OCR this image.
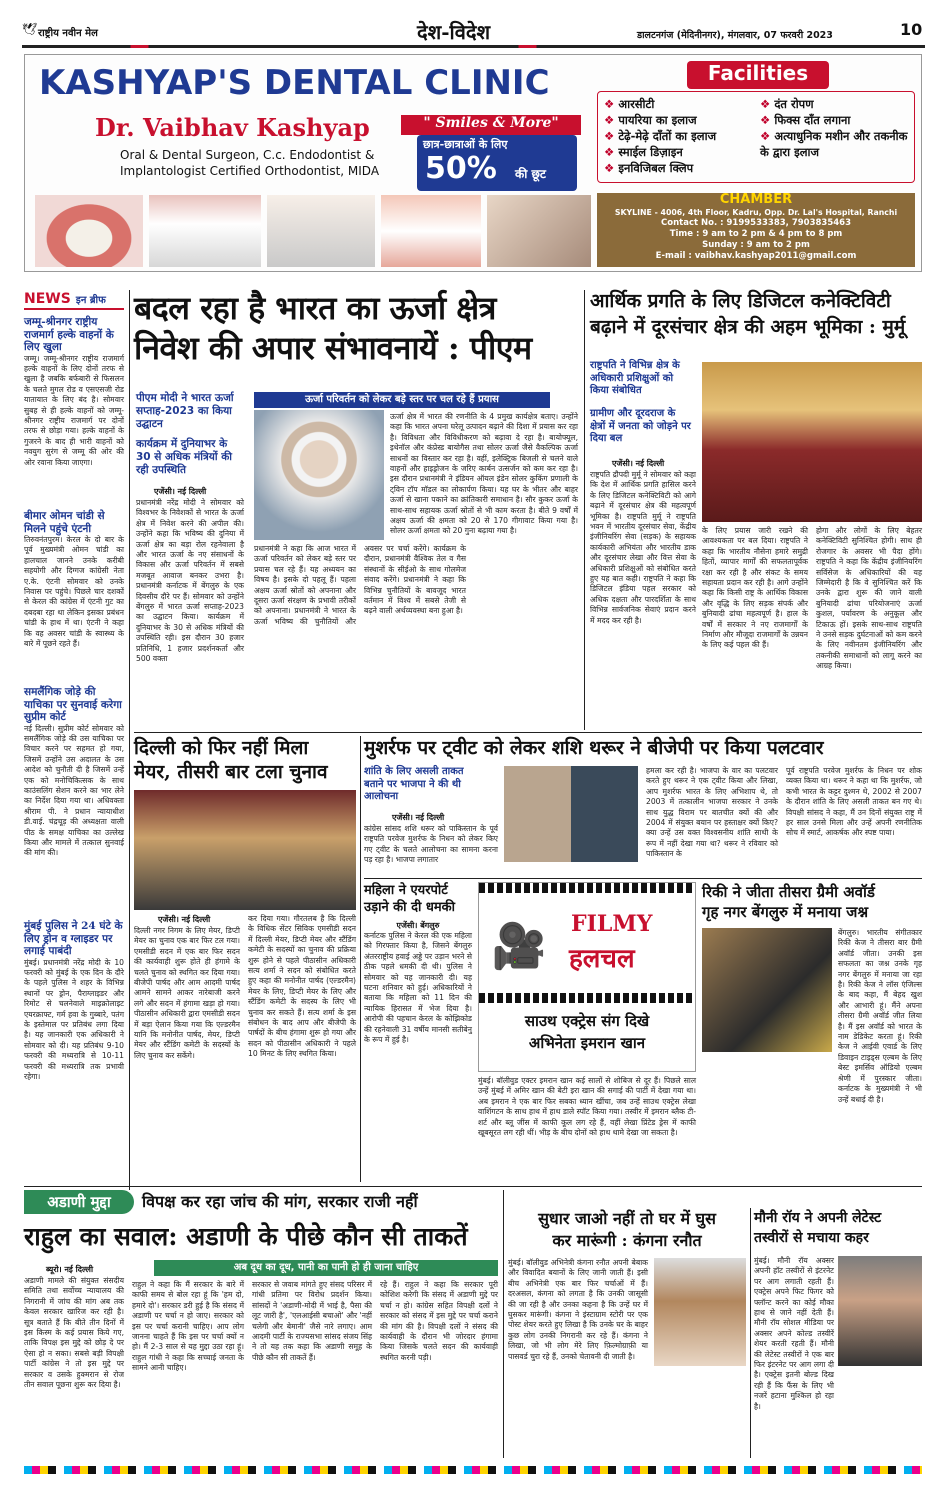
🕊 राष्ट्रीय नवीन मेल	देश-विदेश	डालटनगंज (मेदिनीनगर), मंगलवार, 07 फरवरी 2023	10
KASHYAP'S DENTAL CLINIC
Dr. Vaibhav Kashyap	" Smiles & More"
Oral & Dental Surgeon, C.c. Endodontist &
Implantologist Certified Orthodontist, MIDA
छात्र-छात्राओं के लिए
50% की छूट
Facilities
❖ आरसीटी
❖ पायरिया का इलाज
❖ टेढ़े-मेढ़े दाँतों का इलाज
❖ स्माईल डिज़ाइन
❖ इनविजिबल क्लिप
❖ दंत रोपण
❖ फिक्स दाँत लगाना
❖ अत्याधुनिक मशीन और तकनीक के द्वारा इलाज
CHAMBER
SKYLINE - 4006, 4th Floor, Kadru, Opp. Dr. Lal's Hospital, Ranchi
Contact No. : 9199533383, 7903835463
Time : 9 am to 2 pm & 4 pm to 8 pm
Sunday : 9 am to 2 pm
E-mail : vaibhav.kashyap2011@gmail.com
NEWS इन ब्रीफ
जम्मू-श्रीनगर राष्ट्रीय राजमार्ग हल्के वाहनों के लिए खुला
जम्मू। जम्मू-श्रीनगर राष्ट्रीय राजमार्ग हल्के वाहनों के लिए दोनों तरफ से खुला है जबकि बर्फबारी से फिसलन के चलते मुगल रोड व एसएसजी रोड यातायात के लिए बंद है। सोमवार सुबह से ही हल्के वाहनों को जम्मू-श्रीनगर राष्ट्रीय राजमार्ग पर दोनों तरफ से छोड़ा गया। हल्के वाहनों के गुजरने के बाद ही भारी वाहनों को नवयुग सुरंग से जम्मू की ओर की ओर रवाना किया जाएगा।
बीमार ओमन चांडी से मिलने पहुंचे एंटनी
तिरुवनंतपुरम। केरल के दो बार के पूर्व मुख्यमंत्री ओमन चांडी का हालचाल जानने उनके करीबी सहयोगी और दिग्गज कांग्रेसी नेता ए.के. एंटनी सोमवार को उनके निवास पर पहुंचे। पिछले चार दशकों से केरल की कांग्रेस में एंटनी गुट का दबदबा रहा था लेकिन इसका प्रबंधन चांडी के हाथ में था। एंटनी ने कहा कि वह अवसर चांडी के स्वास्थ्य के बारे में पूछने रहते हैं।
समलैंगिक जोड़े की याचिका पर सुनवाई करेगा सुप्रीम कोर्ट
नई दिल्ली। सुप्रीम कोर्ट सोमवार को समलैंगिक जोड़े की उस याचिका पर विचार करने पर सहमत हो गया, जिसमें उन्होंने उस अदालत के उस आदेश को चुनौती दी है जिसमें उन्हें एक को मनोचिकित्सक के साथ काउंसलिंग सेशन करने का भार लेने का निर्देश दिया गया था। अधिवक्ता श्रीराम पी. ने प्रधान न्यायाधीश डी.वाई. चंद्रचूड़ की अध्यक्षता वाली पीठ के समक्ष याचिका का उल्लेख किया और मामले में तत्काल सुनवाई की मांग की।
मुंबई पुलिस ने 24 घंटे के लिए ड्रोन व ग्लाइडर पर लगाई पाबंदी
मुंबई। प्रधानमंत्री नरेंद्र मोदी के 10 फरवरी को मुंबई के एक दिन के दौरे के पहले पुलिस ने शहर के विभिन्न स्थानों पर ड्रोन, पैराग्लाइडर और रिमोट से चलनेवाले माइक्रोलाइट एयरक्राफ्ट, गर्म हवा के गुब्बारे, पतंग के इस्तेमाल पर प्रतिबंध लगा दिया है। यह जानकारी एक अधिकारी ने सोमवार को दी। यह प्रतिबंध 9-10 फरवरी की मध्यरात्रि से 10-11 फरवरी की मध्यरात्रि तक प्रभावी रहेगा।
बदल रहा है भारत का ऊर्जा क्षेत्र
निवेश की अपार संभावनायें : पीएम
पीएम मोदी ने भारत ऊर्जा सप्ताह-2023 का किया उद्घाटन
कार्यक्रम में दुनियाभर के 30 से अधिक मंत्रियों की रही उपस्थिति
एजेंसी। नई दिल्ली
प्रधानमंत्री नरेंद्र मोदी ने सोमवार को विश्वभर के निवेशकों से भारत के ऊर्जा क्षेत्र में निवेश करने की अपील की। उन्होंने कहा कि भविष्य की दुनिया में ऊर्जा क्षेत्र का बड़ा रोल रहनेवाला है और भारत ऊर्जा के नए संसाधनों के विकास और ऊर्जा परिवर्तन में सबसे मजबूत आवाज बनकर उभरा है। प्रधानमंत्री कर्नाटक में बेंगलुरु के एक दिवसीय दौरे पर हैं। सोमवार को उन्होंने बेंगलुरु में भारत ऊर्जा सप्ताह-2023 का उद्घाटन किया। कार्यक्रम में दुनियाभर के 30 से अधिक मंत्रियों की उपस्थिति रही। इस दौरान 30 हजार प्रतिनिधि, 1 हजार प्रदर्शनकर्ता और 500 वक्ता
ऊर्जा परिवर्तन को लेकर बड़े स्तर पर चल रहे हैं प्रयास
प्रधानमंत्री ने कहा कि आज भारत में ऊर्जा परिवर्तन को लेकर बड़े स्तर पर प्रयास चल रहे हैं। यह अध्ययन का विषय है। इसके दो पहलू हैं। पहला अक्षय ऊर्जा स्रोतों को अपनाना और दूसरा ऊर्जा संरक्षण के प्रभावी तरीकों को अपनाना। प्रधानमंत्री ने भारत के ऊर्जा भविष्य की चुनौतियों और अवसर पर चर्चा करेंगे। कार्यक्रम के दौरान, प्रधानमंत्री वैश्विक तेल व गैस संस्थानों के सीईओ के साथ गोलमेज संवाद करेंगे। प्रधानमंत्री ने कहा कि विभिन्न चुनौतियों के बावजूद भारत वर्तमान में विश्व में सबसे तेजी से बढ़ने वाली अर्थव्यवस्था बना हुआ है।
ऊर्जा क्षेत्र में भारत की रणनीति के 4 प्रमुख कार्यक्षेत्र बताए। उन्होंने कहा कि भारत अपना घरेलू उत्पादन बढ़ाने की दिशा में प्रयास कर रहा है। विविधता और विविधीकरण को बढ़ावा दे रहा है। बायोफ्यूल, इथेनॉल और कंप्रेस्ड बायोगैस तथा सोलर ऊर्जा जैसे वैकल्पिक ऊर्जा साधनों का विस्तार कर रहा है। वहीं, इलेक्ट्रिक बिजली से चलने वाले वाहनों और हाइड्रोजन के जरिए कार्बन उत्सर्जन को कम कर रहा है। इस दौरान प्रधानमंत्री ने इंडियन ऑयल इंडेन सोलर कुकिंग प्रणाली के ट्विन टॉप मॉडल का लोकार्पण किया। यह घर के भीतर और बाहर ऊर्जा से खाना पकाने का क्रांतिकारी समाधान है। सौर कुकर ऊर्जा के साथ-साथ सहायक ऊर्जा स्रोतों से भी काम करता है। बीते 9 वर्षों में अक्षय ऊर्जा की क्षमता को 20 से 170 गीगावाट किया गया है। सोलर ऊर्जा क्षमता को 20 गुना बढ़ाया गया है।
आर्थिक प्रगति के लिए डिजिटल कनेक्टिविटी
बढ़ाने में दूरसंचार क्षेत्र की अहम भूमिका : मुर्मू
राष्ट्रपति ने विभिन्न क्षेत्र के अधिकारी प्रशिक्षुओं को किया संबोधित
ग्रामीण और दूरदराज के क्षेत्रों में जनता को जोड़ने पर दिया बल
एजेंसी। नई दिल्ली
राष्ट्रपति द्रौपदी मुर्मू ने सोमवार को कहा कि देश में आर्थिक प्रगति हासिल करने के लिए डिजिटल कनेक्टिविटी को आगे बढ़ाने में दूरसंचार क्षेत्र की महत्वपूर्ण भूमिका है। राष्ट्रपति मुर्मू ने राष्ट्रपति भवन में भारतीय दूरसंचार सेवा, केंद्रीय इंजीनियरिंग सेवा (सड़क) के सहायक कार्यकारी अभियंता और भारतीय डाक और दूरसंचार लेखा और वित्त सेवा के अधिकारी प्रशिक्षुओं को संबोधित करते हुए यह बात कही। राष्ट्रपति ने कहा कि डिजिटल इंडिया पहल सरकार को अधिक दक्षता और पारदर्शिता के साथ विभिन्न सार्वजनिक सेवाएं प्रदान करने में मदद कर रही है।
के लिए प्रयास जारी रखने की आवश्यकता पर बल दिया। राष्ट्रपति ने कहा कि भारतीय नौसेना हमारे समुद्री हितों, व्यापार मार्गों की सफलतापूर्वक रक्षा कर रही है और संकट के समय सहायता प्रदान कर रही है। आगे उन्होंने कहा कि किसी राष्ट्र के आर्थिक विकास और वृद्धि के लिए सड़क संपर्क और बुनियादी ढांचा महत्वपूर्ण है। हाल के वर्षों में सरकार ने नए राजमार्गों के निर्माण और मौजूदा राजमार्गों के उन्नयन के लिए कई पहल की हैं।
होगा और लोगों के लिए बेहतर कनेक्टिविटी सुनिश्चित होगी। साथ ही रोजगार के अवसर भी पैदा होंगे। राष्ट्रपति ने कहा कि केंद्रीय इंजीनियरिंग सर्विसेज के अधिकारियों की यह जिम्मेदारी है कि वे सुनिश्चित करें कि उनके द्वारा शुरू की जाने वाली बुनियादी ढांचा परियोजनाएं ऊर्जा कुशल, पर्यावरण के अनुकूल और टिकाऊ हों। इसके साथ-साथ राष्ट्रपति ने उनसे सड़क दुर्घटनाओं को कम करने के लिए नवीनतम इंजीनियरिंग और तकनीकी समाधानों को लागू करने का आग्रह किया।
दिल्ली को फिर नहीं मिला
मेयर, तीसरी बार टला चुनाव
एजेंसी। नई दिल्ली
दिल्ली नगर निगम के लिए मेयर, डिप्टी मेयर का चुनाव एक बार फिर टल गया। एमसीडी सदन में एक बार फिर सदन की कार्यवाही शुरू होते ही हंगामे के चलते चुनाव को स्थगित कर दिया गया। बीजेपी पार्षद और आम आदमी पार्षद आमने सामने आकर नारेबाजी करने लगे और सदन में हंगामा खड़ा हो गया। पीठासीन अधिकारी द्वारा एमसीडी सदन में बड़ा ऐलान किया गया कि एल्डरमैन यानि कि मनोनीत पार्षद, मेयर, डिप्टी मेयर और स्टैंडिंग कमेटी के सदस्यों के लिए चुनाव कर सकेंगे।
कर दिया गया। गौरतलब है कि दिल्ली के विधिक सेंटर सिविक एमसीडी सदन में दिल्ली मेयर, डिप्टी मेयर और स्टैंडिंग कमेटी के सदस्यों का चुनाव की प्रक्रिया शुरू होने से पहले पीठासीन अधिकारी सत्य शर्मा ने सदन को संबोधित करते हुए कहा की मनोनीत पार्षद (एल्डरमैन) मेयर के लिए, डिप्टी मेयर के लिए और स्टैंडिंग कमेटी के सदस्य के लिए भी चुनाव कर सकते हैं। सत्य शर्मा के इस संबोधन के बाद आप और बीजेपी के पार्षदों के बीच हंगामा शुरू हो गया और सदन को पीठासीन अधिकारी ने पहले 10 मिनट के लिए स्थगित किया।
मुशर्रफ पर ट्वीट को लेकर शशि थरूर ने बीजेपी पर किया पलटवार
शांति के लिए असली ताकत बताने पर भाजपा ने की थी आलोचना
एजेंसी। नई दिल्ली
कांग्रेस सांसद शशि थरूर को पाकिस्तान के पूर्व राष्ट्रपति परवेज मुशर्रफ के निधन को लेकर किए गए ट्वीट के चलते आलोचना का सामना करना पड़ रहा है। भाजपा लगातार
हमला कर रही है। भाजपा के वार का पलटवार करते हुए थरूर ने एक ट्वीट किया और लिखा, आप मुशर्रफ भारत के लिए अभिशाप थे, तो 2003 में तत्कालीन भाजपा सरकार ने उनके साथ युद्ध विराम पर बातचीत क्यों की और 2004 में संयुक्त बयान पर हस्ताक्षर क्यों किए? क्या उन्हें उस वक्त विश्वसनीय शांति साथी के रूप में नहीं देखा गया था? थरूर ने रविवार को पाकिस्तान के
पूर्व राष्ट्रपति परवेज मुशर्रफ के निधन पर शोक व्यक्त किया था। थरूर ने कहा था कि मुशर्रफ, जो कभी भारत के कट्टर दुश्मन थे, 2002 से 2007 के दौरान शांति के लिए असली ताकत बन गए थे। विपक्षी सांसद ने कहा, मैं उन दिनों संयुक्त राष्ट्र में हर साल उनसे मिला और उन्हें अपनी रणनीतिक सोच में स्मार्ट, आकर्षक और स्पष्ट पाया।
महिला ने एयरपोर्ट
उड़ाने की दी धमकी
एजेंसी। बेंगलुरु
कर्नाटक पुलिस ने केरल की एक महिला को गिरफ्तार किया है, जिसने बेंगलुरु अंतरराष्ट्रीय हवाई अड्डे पर उड़ान भरने से ठीक पहले धमकी दी थी। पुलिस ने सोमवार को यह जानकारी दी। यह घटना शनिवार को हुई। अधिकारियों ने बताया कि महिला को 11 दिन की न्यायिक हिरासत में भेज दिया है। आरोपी की पहचान केरल के कोझिकोड की रहनेवाली 31 वर्षीय मानसी सतीबेनु के रूप में हुई है।
🎥 FILMY
हलचल
साउथ एक्ट्रेस संग दिखे
अभिनेता इमरान खान
मुंबई। बॉलीवुड एक्टर इमरान खान कई सालों से शोबिज से दूर हैं। पिछले साल उन्हें मुंबई में अमिर खान की बेटी इरा खान की सगाई की पार्टी में देखा गया था। अब इमरान ने एक बार फिर सबका ध्यान खींचा, जब उन्हें साउथ एक्ट्रेस लेखा वाशिंगटन के साथ हाथ में हाथ डाले स्पॉट किया गया। तस्वीर में इमरान ब्लैक टी-शर्ट और ब्लू जींस में काफी कूल लग रहे हैं, वहीं लेखा प्रिंटेड ड्रेस में काफी खूबसूरत लग रही थीं। भीड़ के बीच दोनों को हाथ थामे देखा जा सकता है।
रिकी ने जीता तीसरा ग्रैमी अवॉर्ड
गृह नगर बेंगलुरु में मनाया जश्न
बेंगलुरु। भारतीय संगीतकार रिकी केज ने तीसरा बार ग्रैमी अवॉर्ड जीता। उनकी इस सफलता का जश्न उनके गृह नगर बेंगलुरु में मनाया जा रहा है। रिकी केज ने लॉस एंजिल्स के बाद कहा, मैं बेहद खुश और आभारी हूं। मैंने अपना तीसरा ग्रैमी अवॉर्ड जीत लिया है। मैं इस अवॉर्ड को भारत के नाम डेडिकेट करता हूं। रिकी केज ने आईवी एवार्ड के लिए डिवाइन टाइड्स एल्बम के लिए बेस्ट इमर्सिव ऑडियो एल्बम श्रेणी में पुरस्कार जीता। कर्नाटक के मुख्यमंत्री ने भी उन्हें बधाई दी है।
अडाणी मुद्दा	विपक्ष कर रहा जांच की मांग, सरकार राजी नहीं
राहुल का सवाल: अडाणी के पीछे कौन सी ताकतें
अब दूध का दूध, पानी का पानी हो ही जाना चाहिए
ब्यूरो। नई दिल्ली
अडाणी मामले की संयुक्त संसदीय समिति तथा सर्वोच्च न्यायालय की निगरानी में जांच की मांग अब तक केवल सरकार खारिज कर रही है। सूत्र बताते हैं कि बीते तीन दिनों में इस किस्म के कई प्रयास किये गए, ताकि विपक्ष इस मुद्दे को छोड़ दे पर ऐसा हो न सका। सबसे बड़ी विपक्षी पार्टी कांग्रेस ने तो इस मुद्दे पर सरकार व उसके हुक्मरान से रोज तीन सवाल पूछना शुरू कर दिया है।
राहुल ने कहा कि मैं सरकार के बारे में काफी समय से बोल रहा हूं कि 'हम दो, हमारे दो'। सरकार डरी हुई है कि संसद में अडाणी पर चर्चा न हो जाए। सरकार को इस पर चर्चा करानी चाहिए। आप लोग जानना चाहते हैं कि इस पर चर्चा क्यों न हो। मैं 2-3 साल से यह मुद्दा उठा रहा हूं। राहुल गांधी ने कहा कि सच्चाई जनता के सामने आनी चाहिए।
सरकार से जवाब मांगते हुए संसद परिसर में गांधी प्रतिमा पर विरोध प्रदर्शन किया। सांसदों ने 'अडाणी-मोदी में भाई है, पैसा की लूट जारी है', 'एलआईसी बचाओ' और 'नहीं चलेगी और बेमानी' जैसे नारे लगाए। आम आदमी पार्टी के राज्यसभा सांसद संजय सिंह ने तो यह तक कहा कि अडाणी समूह के पीछे कौन सी ताकतें हैं।
रहे हैं। राहुल ने कहा कि सरकार पूरी कोशिश करेगी कि संसद में अडाणी मुद्दे पर चर्चा न हो। कांग्रेस सहित विपक्षी दलों ने सरकार को संसद में इस मुद्दे पर चर्चा कराने की मांग की है। विपक्षी दलों ने संसद की कार्यवाही के दौरान भी जोरदार हंगामा किया जिसके चलते सदन की कार्यवाही स्थगित करनी पड़ी।
सुधार जाओ नहीं तो घर में घुस
कर मारूंगी : कंगना रनौत
मुंबई। बॉलीवुड अभिनेत्री कंगना रनौत अपनी बेबाक और विवादित बयानों के लिए जानी जाती हैं। इसी बीच अभिनेत्री एक बार फिर चर्चाओं में हैं। दरअसल, कंगना को लगता है कि उनकी जासूसी की जा रही है और उनका कहना है कि उन्हें घर में घुसकर मारूंगी। कंगना ने इंस्टाग्राम स्टोरी पर एक पोस्ट शेयर करते हुए लिखा है कि उनके घर के बाहर कुछ लोग उनकी निगरानी कर रहे हैं। कंगना ने लिखा, जो भी लोग मेरे लिए फ़िल्मोग्राफ़ी या पासवर्ड चुरा रहे हैं, उनको चेतावनी दी जाती है।
मौनी रॉय ने अपनी लेटेस्ट
तस्वीरों से मचाया कहर
मुंबई। मौनी रॉय अक्सर अपनी हॉट तस्वीरों से इंटरनेट पर आग लगाती रहती हैं। एक्ट्रेस अपने फिट फिगर को फ्लॉन्ट करने का कोई मौका हाथ से जाने नहीं देती हैं। मौनी रॉय सोशल मीडिया पर अक्सर अपने कोल्ड तस्वीरें शेयर करती रहती हैं। मौनी की लेटेस्ट तस्वीरों ने एक बार फिर इंटरनेट पर आग लगा दी है। एक्ट्रेस इतनी बोल्ड दिख रही हैं कि फैंस के लिए भी नजरें हटाना मुश्किल हो रहा है।
